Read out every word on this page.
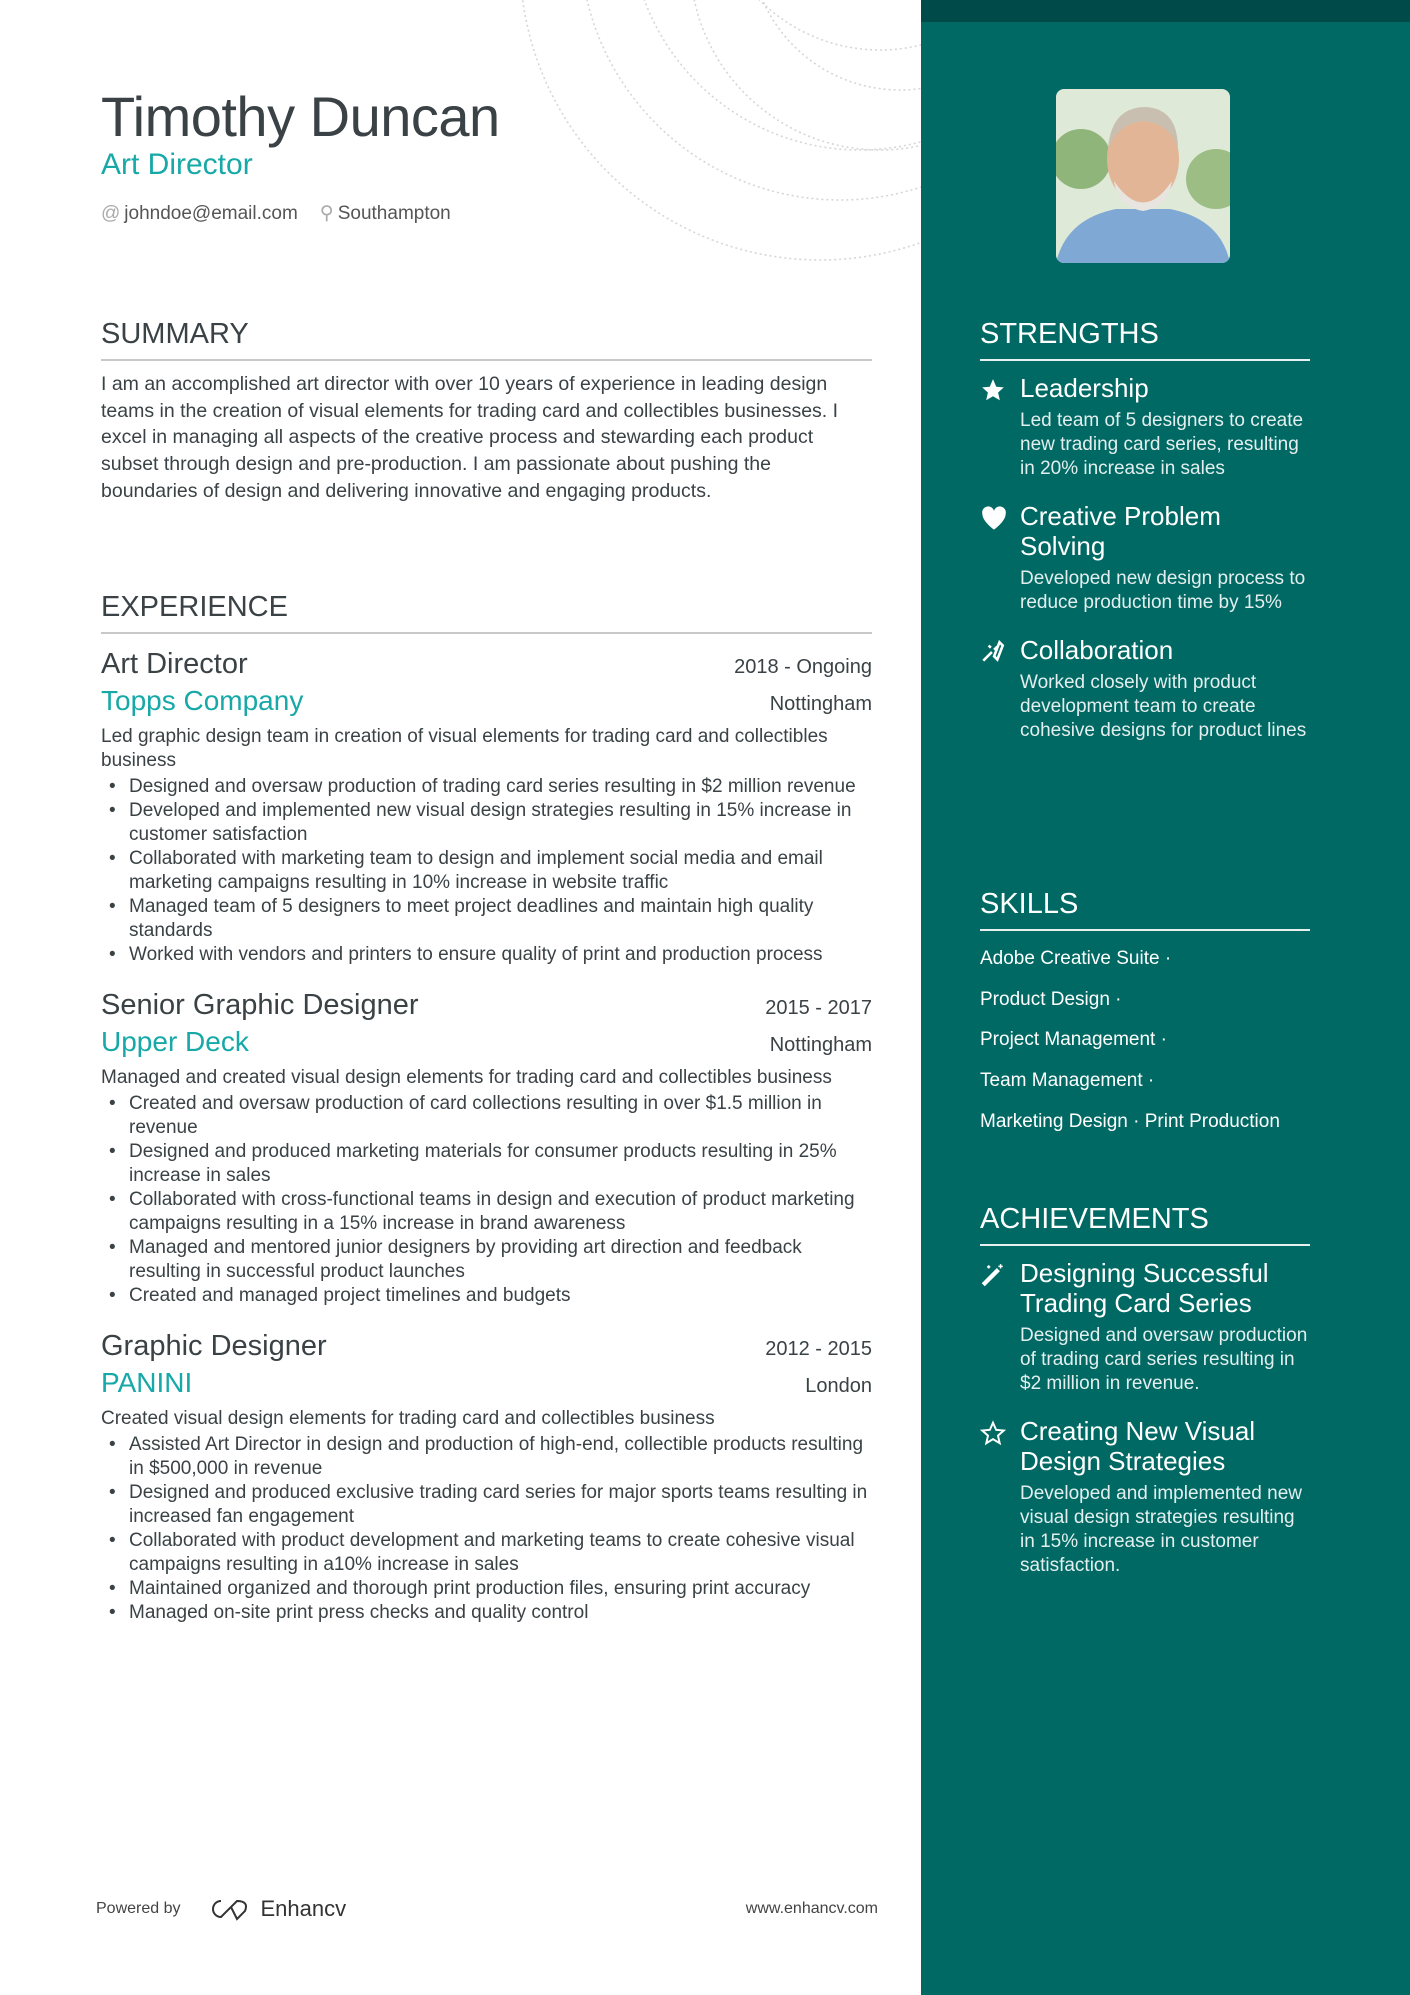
Timothy Duncan
Art Director
@ johndoe@email.com ⚲ Southampton
SUMMARY

I am an accomplished art director with over 10 years of experience in leading design teams in the creation of visual elements for trading card and collectibles businesses. I excel in managing all aspects of the creative process and stewarding each product subset through design and pre-production. I am passionate about pushing the boundaries of design and delivering innovative and engaging products.

EXPERIENCE
Art Director	2018 - Ongoing
Topps Company	Nottingham
Led graphic design team in creation of visual elements for trading card and collectibles business
• Designed and oversaw production of trading card series resulting in $2 million revenue
• Developed and implemented new visual design strategies resulting in 15% increase in customer satisfaction
• Collaborated with marketing team to design and implement social media and email marketing campaigns resulting in 10% increase in website traffic
• Managed team of 5 designers to meet project deadlines and maintain high quality standards
• Worked with vendors and printers to ensure quality of print and production process
Senior Graphic Designer	2015 - 2017
Upper Deck	Nottingham
Managed and created visual design elements for trading card and collectibles business
• Created and oversaw production of card collections resulting in over $1.5 million in revenue
• Designed and produced marketing materials for consumer products resulting in 25% increase in sales
• Collaborated with cross-functional teams in design and execution of product marketing campaigns resulting in a 15% increase in brand awareness
• Managed and mentored junior designers by providing art direction and feedback resulting in successful product launches
• Created and managed project timelines and budgets
Graphic Designer	2012 - 2015
PANINI	London
Created visual design elements for trading card and collectibles business
• Assisted Art Director in design and production of high-end, collectible products resulting in $500,000 in revenue
• Designed and produced exclusive trading card series for major sports teams resulting in increased fan engagement
• Collaborated with product development and marketing teams to create cohesive visual campaigns resulting in a10% increase in sales
• Maintained organized and thorough print production files, ensuring print accuracy
• Managed on-site print press checks and quality control
Powered by	Enhancv	www.enhancv.com
STRENGTHS
Leadership
Led team of 5 designers to create new trading card series, resulting in 20% increase in sales
Creative Problem Solving
Developed new design process to reduce production time by 15%
Collaboration
Worked closely with product development team to create cohesive designs for product lines
SKILLS
Adobe Creative Suite ·
Product Design ·
Project Management ·
Team Management ·
Marketing Design · Print Production
ACHIEVEMENTS
Designing Successful Trading Card Series
Designed and oversaw production of trading card series resulting in $2 million in revenue.
Creating New Visual Design Strategies
Developed and implemented new visual design strategies resulting in 15% increase in customer satisfaction.
